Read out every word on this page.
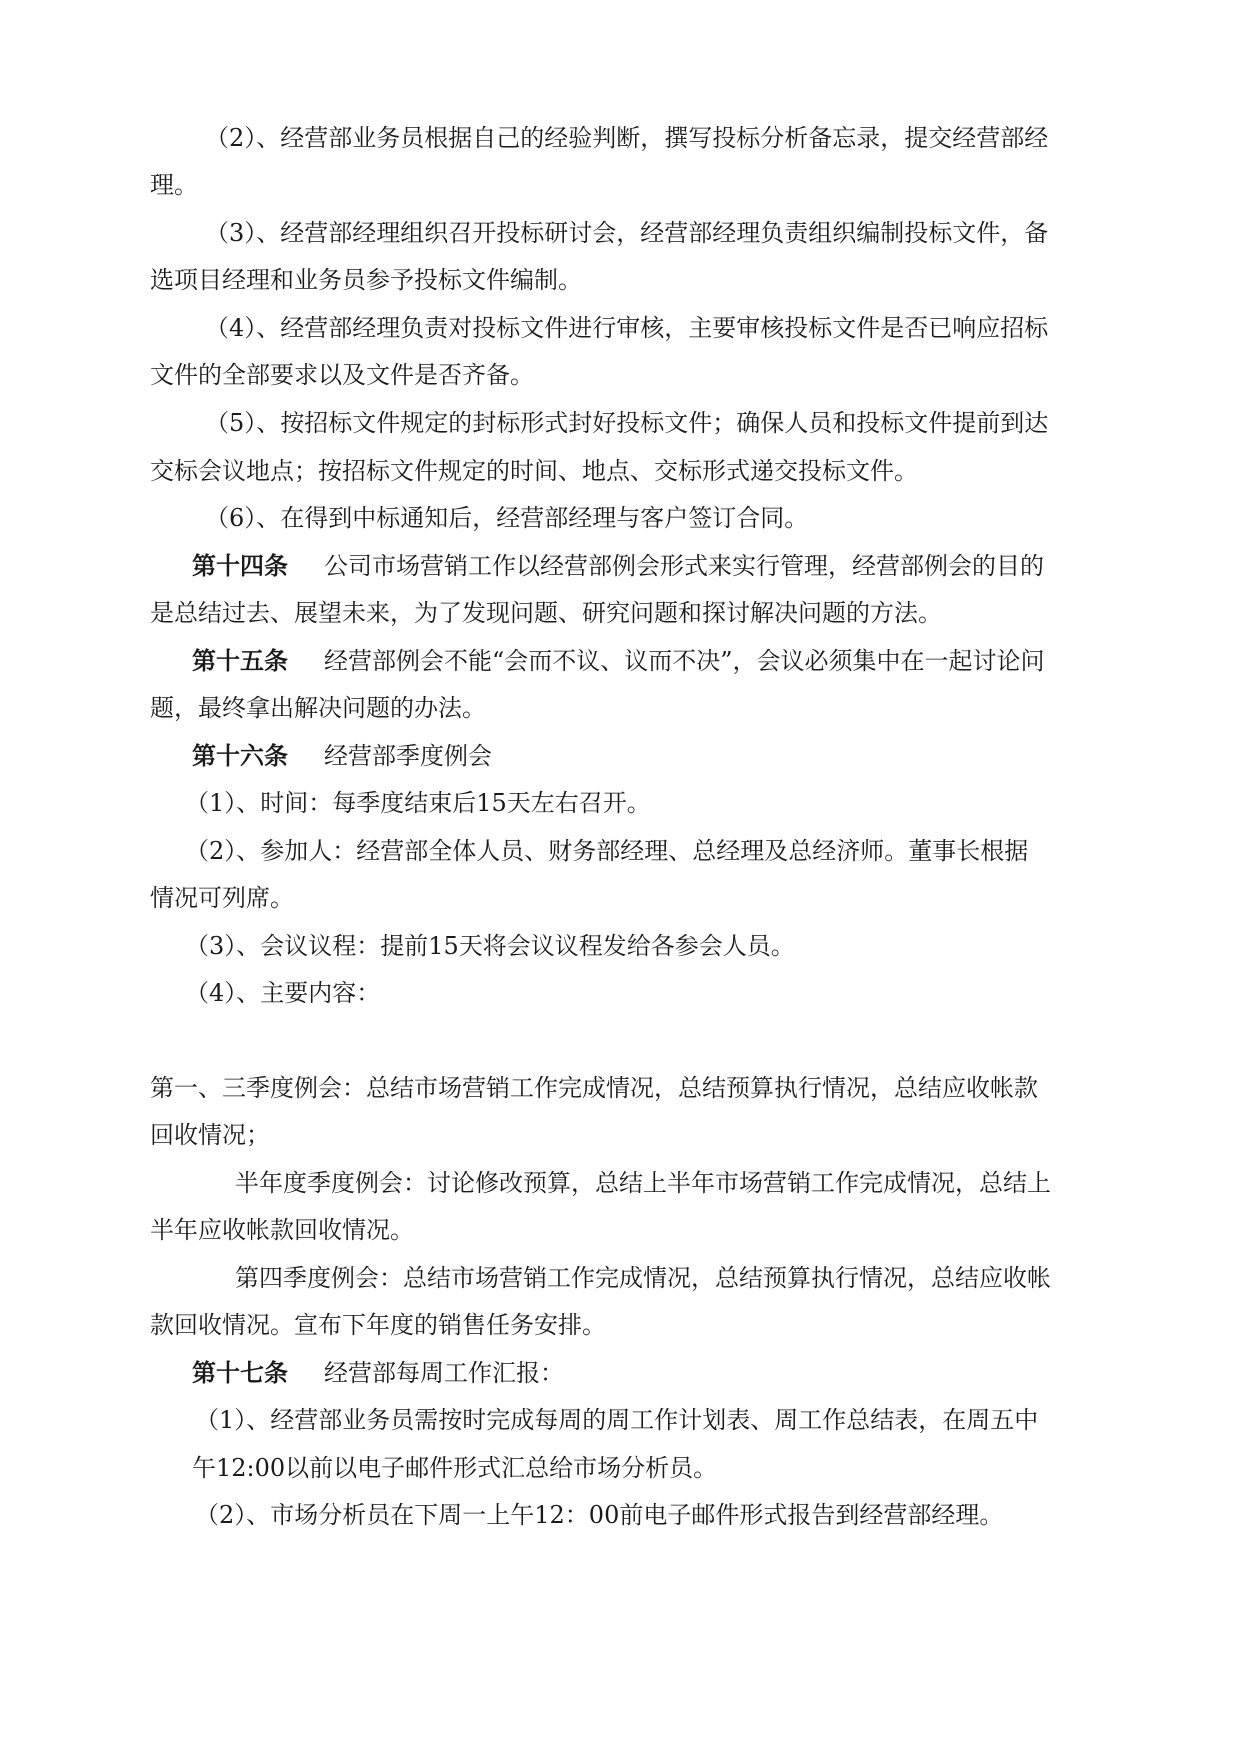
（2）、经营部业务员根据自己的经验判断，撰写投标分析备忘录，提交经营部经
理。
（3）、经营部经理组织召开投标研讨会，经营部经理负责组织编制投标文件，备
选项目经理和业务员参予投标文件编制。
（4）、经营部经理负责对投标文件进行审核，主要审核投标文件是否已响应招标
文件的全部要求以及文件是否齐备。
（5）、按招标文件规定的封标形式封好投标文件；确保人员和投标文件提前到达
交标会议地点；按招标文件规定的时间、地点、交标形式递交投标文件。
（6）、在得到中标通知后，经营部经理与客户签订合同。
第十四条 公司市场营销工作以经营部例会形式来实行管理，经营部例会的目的
是总结过去、展望未来，为了发现问题、研究问题和探讨解决问题的方法。
第十五条 经营部例会不能“会而不议、议而不决”，会议必须集中在一起讨论问
题，最终拿出解决问题的办法。
第十六条 经营部季度例会
（1）、时间：每季度结束后15天左右召开。
（2）、参加人：经营部全体人员、财务部经理、总经理及总经济师。董事长根据
情况可列席。
（3）、会议议程：提前15天将会议议程发给各参会人员。
（4）、主要内容：
第一、三季度例会：总结市场营销工作完成情况，总结预算执行情况，总结应收帐款
回收情况；
半年度季度例会：讨论修改预算，总结上半年市场营销工作完成情况，总结上
半年应收帐款回收情况。
第四季度例会：总结市场营销工作完成情况，总结预算执行情况，总结应收帐
款回收情况。宣布下年度的销售任务安排。
第十七条 经营部每周工作汇报：
（1）、经营部业务员需按时完成每周的周工作计划表、周工作总结表，在周五中
午12:00以前以电子邮件形式汇总给市场分析员。
（2）、市场分析员在下周一上午12：00前电子邮件形式报告到经营部经理。
